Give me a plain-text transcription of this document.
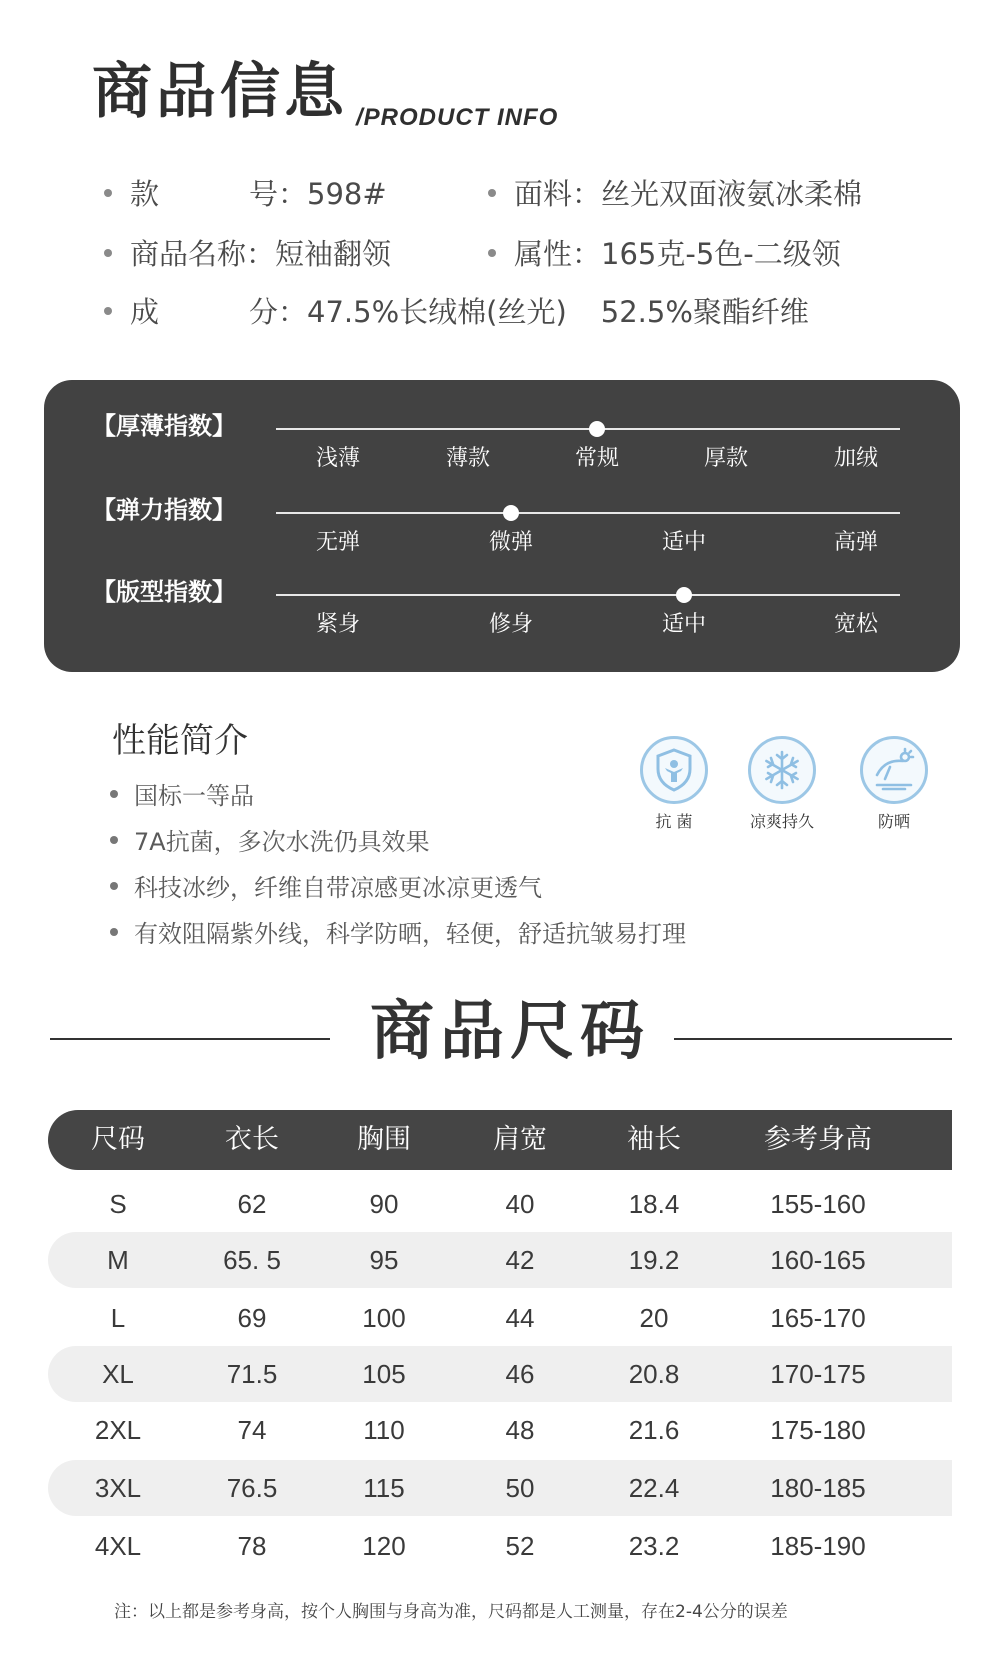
商品信息 /PRODUCT INFO
款	号：598#	面料：丝光双面液氨冰柔棉
商品名称：短袖翻领	属性：165克-5色-二级领
成	分：47.5%长绒棉(丝光) 52.5%聚酯纤维
【厚薄指数】
浅薄	薄款	常规	厚款	加绒
【弹力指数】
无弹	微弹	适中	高弹
【版型指数】
紧身	修身	适中	宽松
性能简介
国标一等品
7A抗菌，多次水洗仍具效果
科技冰纱，纤维自带凉感更冰凉更透气
有效阻隔紫外线，科学防晒，轻便，舒适抗皱易打理
抗 菌	凉爽持久	防晒
商品尺码
尺码	衣长	胸围	肩宽	袖长	参考身高
S	62	90	40	18.4	155-160
M	65. 5	95	42	19.2	160-165
L	69	100	44	20	165-170
XL	71.5	105	46	20.8	170-175
2XL	74	110	48	21.6	175-180
3XL	76.5	115	50	22.4	180-185
4XL	78	120	52	23.2	185-190
注：以上都是参考身高，按个人胸围与身高为准，尺码都是人工测量，存在2-4公分的误差
